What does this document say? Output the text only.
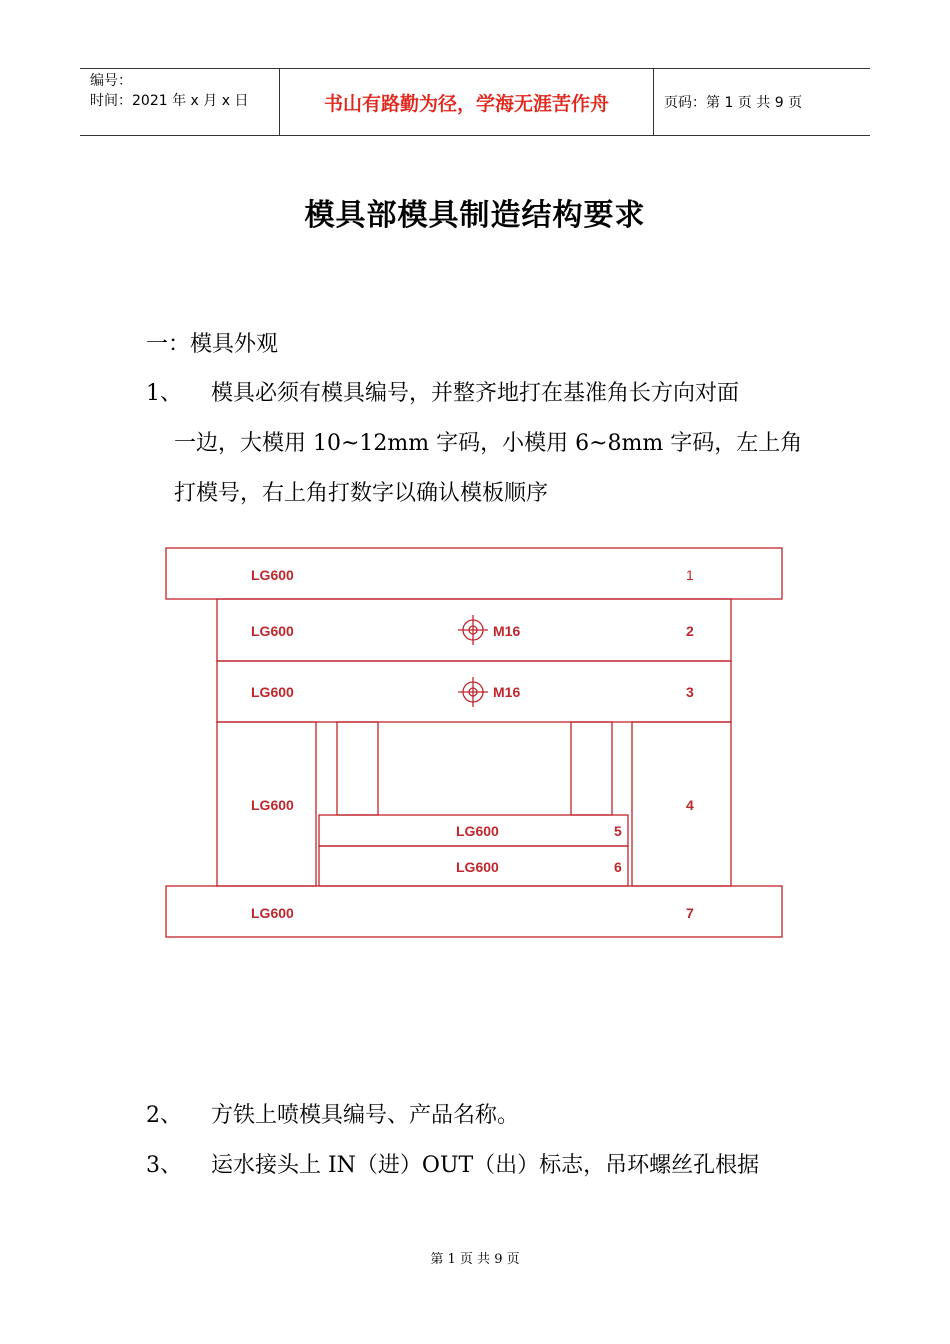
编号：
时间：2021 年 x 月 x 日	书山有路勤为径，学海无涯苦作舟	页码：第 1 页 共 9 页
模具部模具制造结构要求
一：模具外观
1、 模具必须有模具编号，并整齐地打在基准角长方向对面
一边，大模用 10~12mm 字码，小模用 6~8mm 字码，左上角
打模号，右上角打数字以确认模板顺序
LG600	1
LG600	M16	2
LG600	M16	3
LG600	4
LG600	5
LG600	6
LG600	7
2、 方铁上喷模具编号、产品名称。
3、 运水接头上 IN（进）OUT（出）标志，吊环螺丝孔根据
第 1 页 共 9 页
